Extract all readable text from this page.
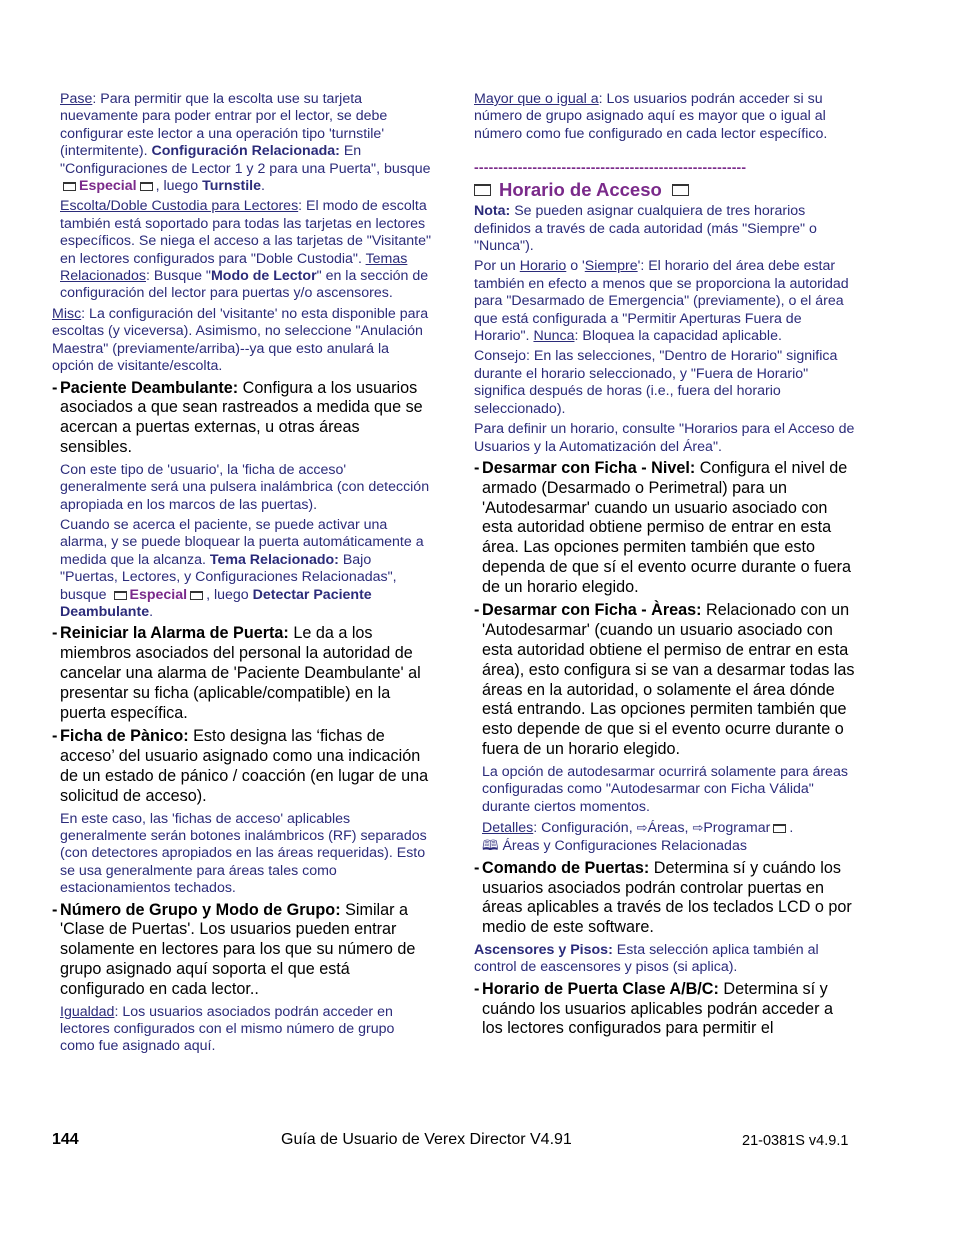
Pase: Para permitir que la escolta use su tarjeta nuevamente para poder entrar por el lector, se debe configurar este lector a una operación tipo 'turnstile' (intermitente). Configuración Relacionada: En "Configuraciones de Lector 1 y 2 para una Puerta", busque Especial , luego Turnstile.

Escolta/Doble Custodia para Lectores: El modo de escolta también está soportado para todas las tarjetas en lectores específicos. Se niega el acceso a las tarjetas de "Visitante" en lectores configurados para "Doble Custodia". Temas Relacionados: Busque "Modo de Lector" en la sección de configuración del lector para puertas y/o ascensores.

Misc: La configuración del 'visitante' no esta disponible para escoltas (y viceversa). Asimismo, no seleccione "Anulación Maestra" (previamente/arriba)--ya que esto anulará la opción de visitante/escolta.

- Paciente Deambulante: Configura a los usuarios asociados a que sean rastreados a medida que se acercan a puertas externas, u otras áreas sensibles.

Con este tipo de 'usuario', la 'ficha de acceso' generalmente será una pulsera inalámbrica (con detección apropiada en los marcos de las puertas).

Cuando se acerca el paciente, se puede activar una alarma, y se puede bloquear la puerta automáticamente a medida que la alcanza. Tema Relacionado: Bajo "Puertas, Lectores, y Configuraciones Relacionadas", busque Especial , luego Detectar Paciente Deambulante.

- Reiniciar la Alarma de Puerta: Le da a los miembros asociados del personal la autoridad de cancelar una alarma de 'Paciente Deambulante' al presentar su ficha (aplicable/compatible) en la puerta específica.
- Ficha de Pànico: Esto designa las ‘fichas de acceso’ del usuario asignado como una indicación de un estado de pánico / coacción (en lugar de una solicitud de acceso).

En este caso, las 'fichas de acceso' aplicables generalmente serán botones inalámbricos (RF) separados (con detectores apropiados en las áreas requeridas). Esto se usa generalmente para áreas tales como estacionamientos techados.

- Número de Grupo y Modo de Grupo: Similar a 'Clase de Puertas'. Los usuarios pueden entrar solamente en lectores para los que su número de grupo asignado aquí soporta el que está configurado en cada lector..

Igualdad: Los usuarios asociados podrán acceder en lectores configurados con el mismo número de grupo como fue asignado aquí.

Mayor que o igual a: Los usuarios podrán acceder si su número de grupo asignado aquí es mayor que o igual al número como fue configurado en cada lector específico.

--------------------------------------------------------
Horario de Acceso

Nota: Se pueden asignar cualquiera de tres horarios definidos a través de cada autoridad (más "Siempre" o "Nunca").

Por un Horario o 'Siempre': El horario del área debe estar también en efecto a menos que se proporciona la autoridad para "Desarmado de Emergencia" (previamente), o el área que está configurada a "Permitir Aperturas Fuera de Horario". Nunca: Bloquea la capacidad aplicable.

Consejo: En las selecciones, "Dentro de Horario" significa durante el horario seleccionado, y "Fuera de Horario" significa después de horas (i.e., fuera del horario seleccionado).

Para definir un horario, consulte "Horarios para el Acceso de Usuarios y la Automatización del Área".

- Desarmar con Ficha - Nivel: Configura el nivel de armado (Desarmado o Perimetral) para un 'Autodesarmar' cuando un usuario asociado con esta autoridad obtiene permiso de entrar en esta área. Las opciones permiten también que esto dependa de que sí el evento ocurre durante o fuera de un horario elegido.
- Desarmar con Ficha - Àreas: Relacionado con un 'Autodesarmar' (cuando un usuario asociado con esta autoridad obtiene el permiso de entrar en esta área), esto configura si se van a desarmar todas las áreas en la autoridad, o solamente el área dónde está entrando. Las opciones permiten también que esto depende de que si el evento ocurre durante o fuera de un horario elegido.

La opción de autodesarmar ocurrirá solamente para áreas configuradas como "Autodesarmar con Ficha Válida" durante ciertos momentos.

Detalles: Configuración, ⇨Áreas, ⇨Programar .
🕮 Áreas y Configuraciones Relacionadas

- Comando de Puertas: Determina sí y cuándo los usuarios asociados podrán controlar puertas en áreas aplicables a través de los teclados LCD o por medio de este software.

Ascensores y Pisos: Esta selección aplica también al control de eascensores y pisos (si aplica).

- Horario de Puerta Clase A/B/C: Determina sí y cuándo los usuarios aplicables podrán acceder a los lectores configurados para permitir el
144	Guía de Usuario de Verex Director V4.91	21-0381S v4.9.1
